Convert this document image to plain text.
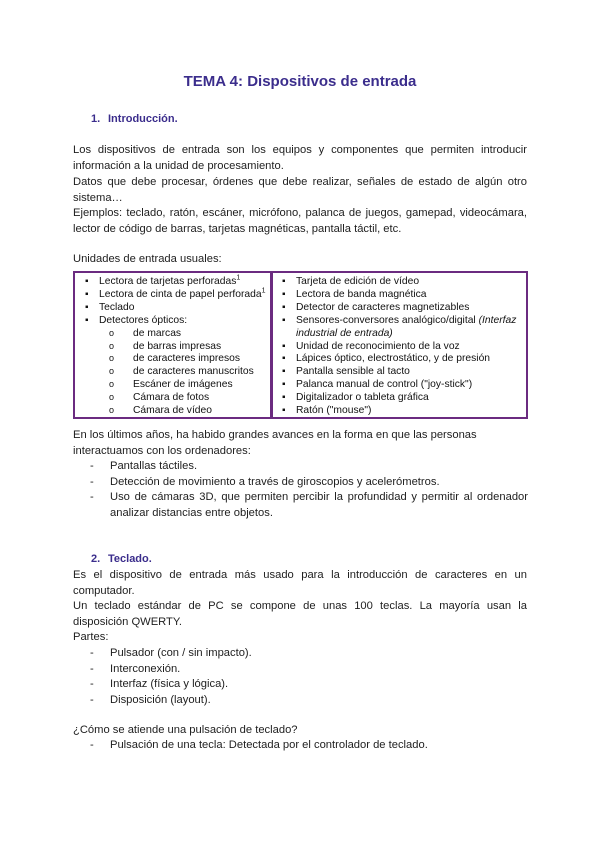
TEMA 4: Dispositivos de entrada
1. Introducción.
Los dispositivos de entrada son los equipos y componentes que permiten introducir información a la unidad de procesamiento.
Datos que debe procesar, órdenes que debe realizar, señales de estado de algún otro sistema…
Ejemplos: teclado, ratón, escáner, micrófono, palanca de juegos, gamepad, videocámara, lector de código de barras, tarjetas magnéticas, pantalla táctil, etc.
Unidades de entrada usuales:
▪ Lectora de tarjetas perforadas$^1$
▪ Lectora de cinta de papel perforada$^1$
▪ Teclado
▪ Detectores ópticos:
o de marcas
o de barras impresas
o de caracteres impresos
o de caracteres manuscritos
o Escáner de imágenes
o Cámara de fotos
o Cámara de vídeo
▪ Tarjeta de edición de vídeo
▪ Lectora de banda magnética
▪ Detector de caracteres magnetizables
▪ Sensores-conversores analógico/digital (Interfaz
industrial de entrada)
▪ Unidad de reconocimiento de la voz
▪ Lápices óptico, electrostático, y de presión
▪ Pantalla sensible al tacto
▪ Palanca manual de control ("joy-stick")
▪ Digitalizador o tableta gráfica
▪ Ratón ("mouse")
En los últimos años, ha habido grandes avances en la forma en que las personas interactuamos con los ordenadores:
- Pantallas táctiles.
- Detección de movimiento a través de giroscopios y acelerómetros.
- Uso de cámaras 3D, que permiten percibir la profundidad y permitir al ordenador analizar distancias entre objetos.
2. Teclado.
Es el dispositivo de entrada más usado para la introducción de caracteres en un computador.
Un teclado estándar de PC se compone de unas 100 teclas. La mayoría usan la disposición QWERTY.
Partes:
- Pulsador (con / sin impacto).
- Interconexión.
- Interfaz (física y lógica).
- Disposición (layout).
¿Cómo se atiende una pulsación de teclado?
- Pulsación de una tecla: Detectada por el controlador de teclado.
